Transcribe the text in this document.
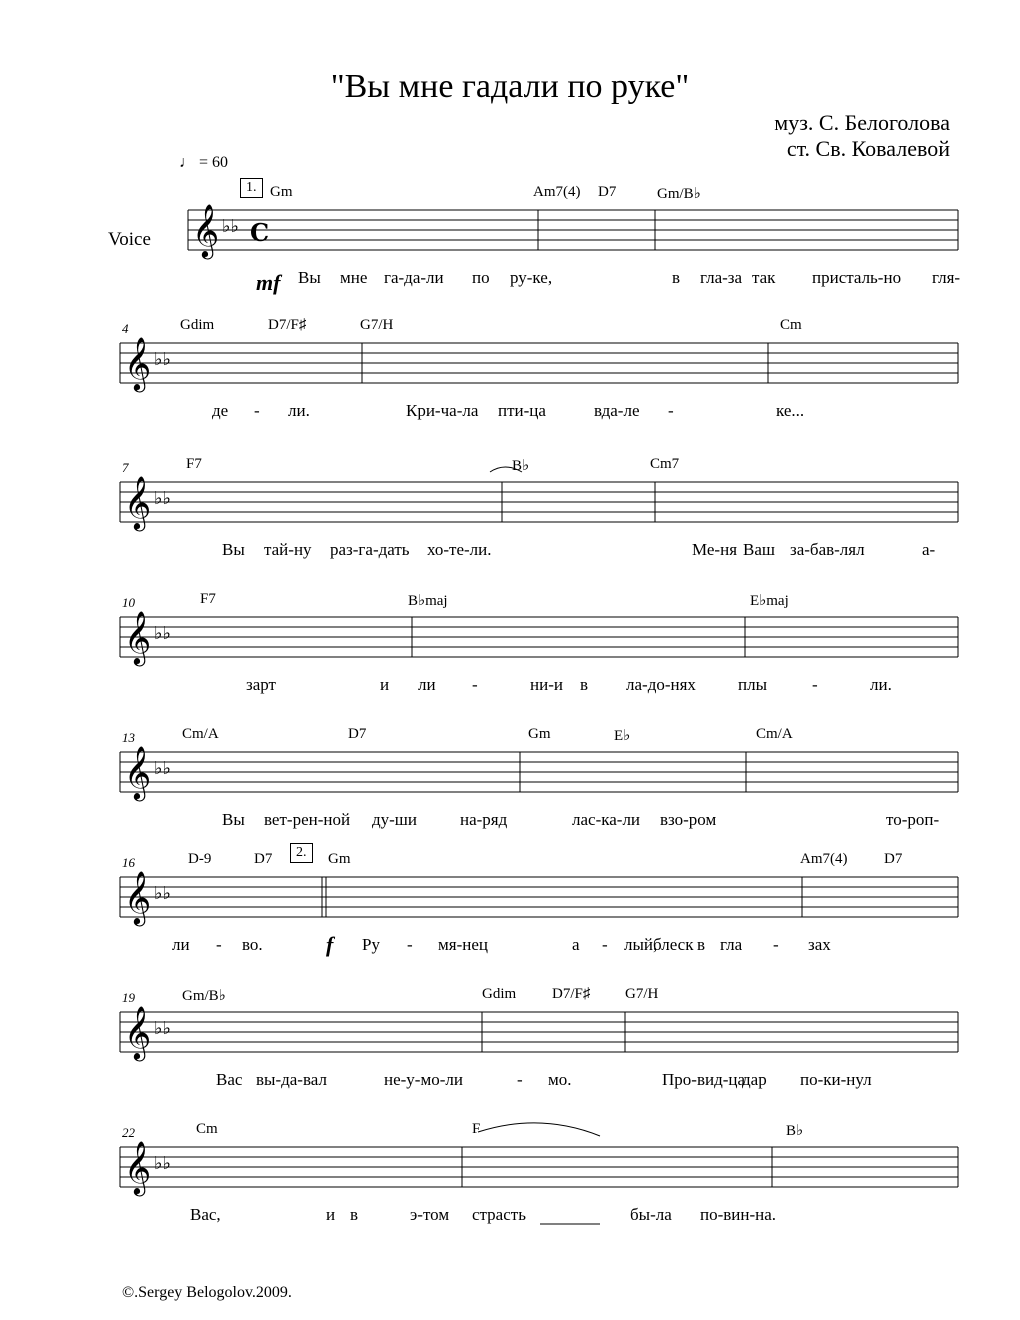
"Вы мне гадали по руке"
муз. С. Белоголова
ст. Св. Ковалевой
♩ = 60
Voice 𝄞 ♭♭ C
𝄞 ♭♭
𝄞 ♭♭
𝄞 ♭♭
𝄞 ♭♭
𝄞 ♭♭
𝄞 ♭♭
𝄞 ♭♭
©.Sergey Belogolov.2009.
Gm	Am7(4) D7	Gm/B♭
Вы мне га-да-ли по ру-ке,	в гла-за так присталь-но гля-
4	Gdim	D7/F♯	G7/H	Cm
де - ли.	Кри-ча-ла пти-ца	вда-ле -	ке...
7	F7	B♭	Cm7
Вы тай-ну раз-га-дать хо-те-ли.	Ме-ня Ваш за-бав-лял	а-
10	F7	B♭maj	E♭maj
зарт	и ли -	ни-и в ла-до-нях плы	-	ли.
13	Cm/A	D7	Gm	E♭	Cm/A
Вы вет-рен-ной ду-ши	на-ряд	лас-ка-ли взо-ром	то-роп-
16	D-9	D7	Gm	Am7(4) D7
ли - во.	Ру - мя-нец	а - лый,
блеск в гла - зах
19	Gm/B♭	Gdim D7/F♯ G7/H
Вас вы-да-вал	не-у-мо-ли	- мо.	Про-вид-ца
дар по-ки-нул
22	Cm	F	B♭
Вас,	и в	э-том страсть	бы-ла по-вин-на.
1.
2.
mf
f
